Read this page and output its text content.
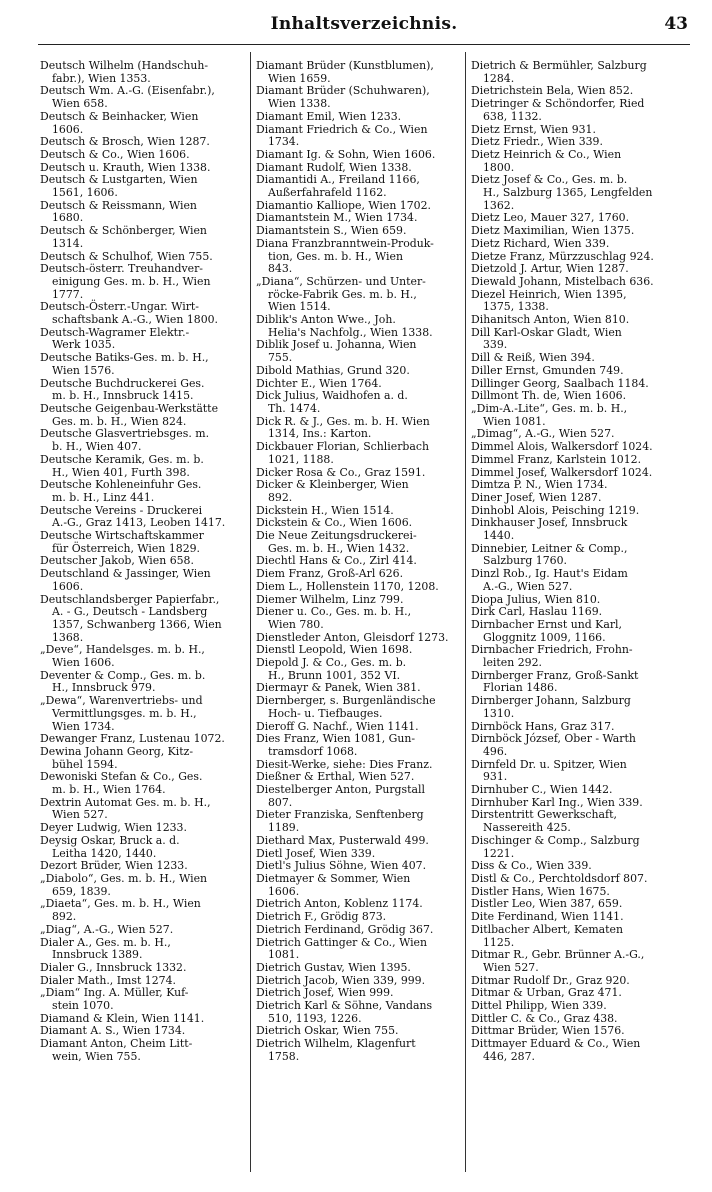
Inhaltsverzeichnis.	43
Deutsch Wilhelm (Handschuh-
fabr.), Wien 1353.
Deutsch Wm. A.-G. (Eisenfabr.),
Wien 658.
Deutsch & Beinhacker, Wien
1606.
Deutsch & Brosch, Wien 1287.
Deutsch & Co., Wien 1606.
Deutsch u. Krauth, Wien 1338.
Deutsch & Lustgarten, Wien
1561, 1606.
Deutsch & Reissmann, Wien
1680.
Deutsch & Schönberger, Wien
1314.
Deutsch & Schulhof, Wien 755.
Deutsch-österr. Treuhandver-
einigung Ges. m. b. H., Wien
1777.
Deutsch-Österr.-Ungar. Wirt-
schaftsbank A.-G., Wien 1800.
Deutsch-Wagramer Elektr.-
Werk 1035.
Deutsche Batiks-Ges. m. b. H.,
Wien 1576.
Deutsche Buchdruckerei Ges.
m. b. H., Innsbruck 1415.
Deutsche Geigenbau-Werkstätte
Ges. m. b. H., Wien 824.
Deutsche Glasvertriebsges. m.
b. H., Wien 407.
Deutsche Keramik, Ges. m. b.
H., Wien 401, Furth 398.
Deutsche Kohleneinfuhr Ges.
m. b. H., Linz 441.
Deutsche Vereins - Druckerei
A.-G., Graz 1413, Leoben 1417.
Deutsche Wirtschaftskammer
für Österreich, Wien 1829.
Deutscher Jakob, Wien 658.
Deutschland & Jassinger, Wien
1606.
Deutschlandsberger Papierfabr.,
A. - G., Deutsch - Landsberg
1357, Schwanberg 1366, Wien
1368.
„Deve“, Handelsges. m. b. H.,
Wien 1606.
Deventer & Comp., Ges. m. b.
H., Innsbruck 979.
„Dewa“, Warenvertriebs- und
Vermittlungsges. m. b. H.,
Wien 1734.
Dewanger Franz, Lustenau 1072.
Dewina Johann Georg, Kitz-
bühel 1594.
Dewoniski Stefan & Co., Ges.
m. b. H., Wien 1764.
Dextrin Automat Ges. m. b. H.,
Wien 527.
Deyer Ludwig, Wien 1233.
Deysig Oskar, Bruck a. d.
Leitha 1420, 1440.
Dezort Brüder, Wien 1233.
„Diabolo“, Ges. m. b. H., Wien
659, 1839.
„Diaeta“, Ges. m. b. H., Wien
892.
„Diag“, A.-G., Wien 527.
Dialer A., Ges. m. b. H.,
Innsbruck 1389.
Dialer G., Innsbruck 1332.
Dialer Math., Imst 1274.
„Diam“ Ing. A. Müller, Kuf-
stein 1070.
Diamand & Klein, Wien 1141.
Diamant A. S., Wien 1734.
Diamant Anton, Cheim Litt-
wein, Wien 755.
Diamant Brüder (Kunstblumen),
Wien 1659.
Diamant Brüder (Schuhwaren),
Wien 1338.
Diamant Emil, Wien 1233.
Diamant Friedrich & Co., Wien
1734.
Diamant Ig. & Sohn, Wien 1606.
Diamant Rudolf, Wien 1338.
Diamantidi A., Freiland 1166,
Außerfahrafeld 1162.
Diamantio Kalliope, Wien 1702.
Diamantstein M., Wien 1734.
Diamantstein S., Wien 659.
Diana Franzbranntwein-Produk-
tion, Ges. m. b. H., Wien
843.
„Diana“, Schürzen- und Unter-
röcke-Fabrik Ges. m. b. H.,
Wien 1514.
Diblik's Anton Wwe., Joh.
Helia's Nachfolg., Wien 1338.
Diblik Josef u. Johanna, Wien
755.
Dibold Mathias, Grund 320.
Dichter E., Wien 1764.
Dick Julius, Waidhofen a. d.
Th. 1474.
Dick R. & J., Ges. m. b. H. Wien
1314, Ins.: Karton.
Dickbauer Florian, Schlierbach
1021, 1188.
Dicker Rosa & Co., Graz 1591.
Dicker & Kleinberger, Wien
892.
Dickstein H., Wien 1514.
Dickstein & Co., Wien 1606.
Die Neue Zeitungsdruckerei-
Ges. m. b. H., Wien 1432.
Diechtl Hans & Co., Zirl 414.
Diem Franz, Groß-Arl 626.
Diem L., Hollenstein 1170, 1208.
Diemer Wilhelm, Linz 799.
Diener u. Co., Ges. m. b. H.,
Wien 780.
Dienstleder Anton, Gleisdorf 1273.
Dienstl Leopold, Wien 1698.
Diepold J. & Co., Ges. m. b.
H., Brunn 1001, 352 VI.
Diermayr & Panek, Wien 381.
Diernberger, s. Burgenländische
Hoch- u. Tiefbauges.
Dieroff G. Nachf., Wien 1141.
Dies Franz, Wien 1081, Gun-
tramsdorf 1068.
Diesit-Werke, siehe: Dies Franz.
Dießner & Erthal, Wien 527.
Diestelberger Anton, Purgstall
807.
Dieter Franziska, Senftenberg
1189.
Diethard Max, Pusterwald 499.
Dietl Josef, Wien 339.
Dietl's Julius Söhne, Wien 407.
Dietmayer & Sommer, Wien
1606.
Dietrich Anton, Koblenz 1174.
Dietrich F., Grödig 873.
Dietrich Ferdinand, Grödig 367.
Dietrich Gattinger & Co., Wien
1081.
Dietrich Gustav, Wien 1395.
Dietrich Jacob, Wien 339, 999.
Dietrich Josef, Wien 999.
Dietrich Karl & Söhne, Vandans
510, 1193, 1226.
Dietrich Oskar, Wien 755.
Dietrich Wilhelm, Klagenfurt
1758.
Dietrich & Bermühler, Salzburg
1284.
Dietrichstein Bela, Wien 852.
Dietringer & Schöndorfer, Ried
638, 1132.
Dietz Ernst, Wien 931.
Dietz Friedr., Wien 339.
Dietz Heinrich & Co., Wien
1800.
Dietz Josef & Co., Ges. m. b.
H., Salzburg 1365, Lengfelden
1362.
Dietz Leo, Mauer 327, 1760.
Dietz Maximilian, Wien 1375.
Dietz Richard, Wien 339.
Dietze Franz, Mürzzuschlag 924.
Dietzold J. Artur, Wien 1287.
Diewald Johann, Mistelbach 636.
Diezel Heinrich, Wien 1395,
1375, 1338.
Dihanitsch Anton, Wien 810.
Dill Karl-Oskar Gladt, Wien
339.
Dill & Reiß, Wien 394.
Diller Ernst, Gmunden 749.
Dillinger Georg, Saalbach 1184.
Dillmont Th. de, Wien 1606.
„Dim-A.-Lite“, Ges. m. b. H.,
Wien 1081.
„Dimag“, A.-G., Wien 527.
Dimmel Alois, Walkersdorf 1024.
Dimmel Franz, Karlstein 1012.
Dimmel Josef, Walkersdorf 1024.
Dimtza P. N., Wien 1734.
Diner Josef, Wien 1287.
Dinhobl Alois, Peisching 1219.
Dinkhauser Josef, Innsbruck
1440.
Dinnebier, Leitner & Comp.,
Salzburg 1760.
Dinzl Rob., Ig. Haut's Eidam
A.-G., Wien 527.
Diopa Julius, Wien 810.
Dirk Carl, Haslau 1169.
Dirnbacher Ernst und Karl,
Gloggnitz 1009, 1166.
Dirnbacher Friedrich, Frohn-
leiten 292.
Dirnberger Franz, Groß-Sankt
Florian 1486.
Dirnberger Johann, Salzburg
1310.
Dirnböck Hans, Graz 317.
Dirnböck József, Ober - Warth
496.
Dirnfeld Dr. u. Spitzer, Wien
931.
Dirnhuber C., Wien 1442.
Dirnhuber Karl Ing., Wien 339.
Dirstentritt Gewerkschaft,
Nassereith 425.
Dischinger & Comp., Salzburg
1221.
Diss & Co., Wien 339.
Distl & Co., Perchtoldsdorf 807.
Distler Hans, Wien 1675.
Distler Leo, Wien 387, 659.
Dite Ferdinand, Wien 1141.
Ditlbacher Albert, Kematen
1125.
Ditmar R., Gebr. Brünner A.-G.,
Wien 527.
Ditmar Rudolf Dr., Graz 920.
Ditmar & Urban, Graz 471.
Dittel Philipp, Wien 339.
Dittler C. & Co., Graz 438.
Dittmar Brüder, Wien 1576.
Dittmayer Eduard & Co., Wien
446, 287.
